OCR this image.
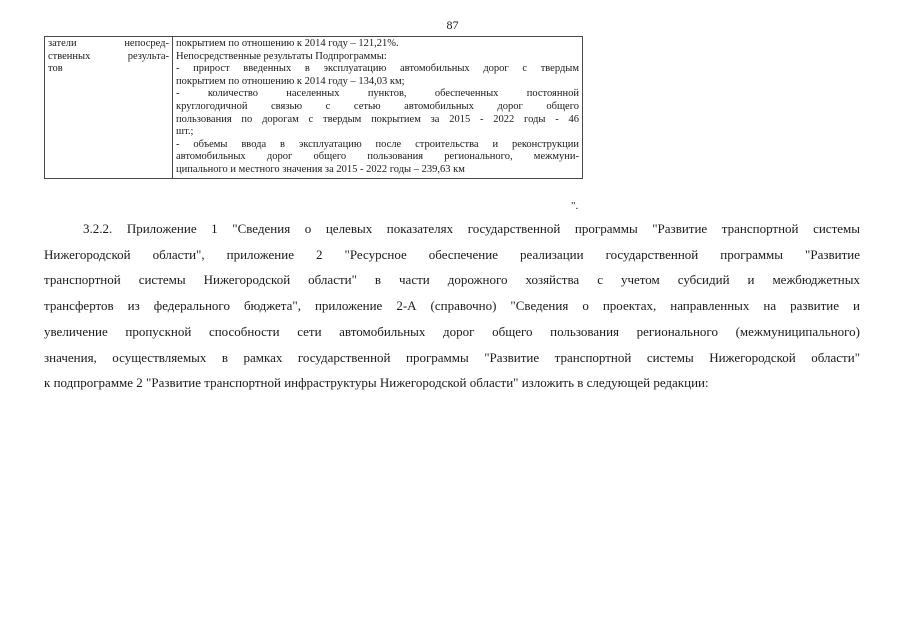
87
затели непосред-
ственных результа-
тов

покрытием по отношению к 2014 году – 121,21%.
Непосредственные результаты Подпрограммы:
- прирост введенных в эксплуатацию автомобильных дорог с твердым
покрытием по отношению к 2014 году – 134,03 км;
- количество населенных пунктов, обеспеченных постоянной
круглогодичной связью с сетью автомобильных дорог общего
пользования по дорогам с твердым покрытием за 2015 - 2022 годы - 46
шт.;
- объемы ввода в эксплуатацию после строительства и реконструкции
автомобильных дорог общего пользования регионального, межмуни-
ципального и местного значения за 2015 - 2022 годы – 239,63 км
".
3.2.2. Приложение 1 "Сведения о целевых показателях государственной программы "Развитие транспортной системы
Нижегородской области", приложение 2 "Ресурсное обеспечение реализации государственной программы "Развитие
транспортной системы Нижегородской области" в части дорожного хозяйства с учетом субсидий и межбюджетных
трансфертов из федерального бюджета", приложение 2-А (справочно) "Сведения о проектах, направленных на развитие и
увеличение пропускной способности сети автомобильных дорог общего пользования регионального (межмуниципального)
значения, осуществляемых в рамках государственной программы "Развитие транспортной системы Нижегородской области"
к подпрограмме 2 "Развитие транспортной инфраструктуры Нижегородской области" изложить в следующей редакции:
